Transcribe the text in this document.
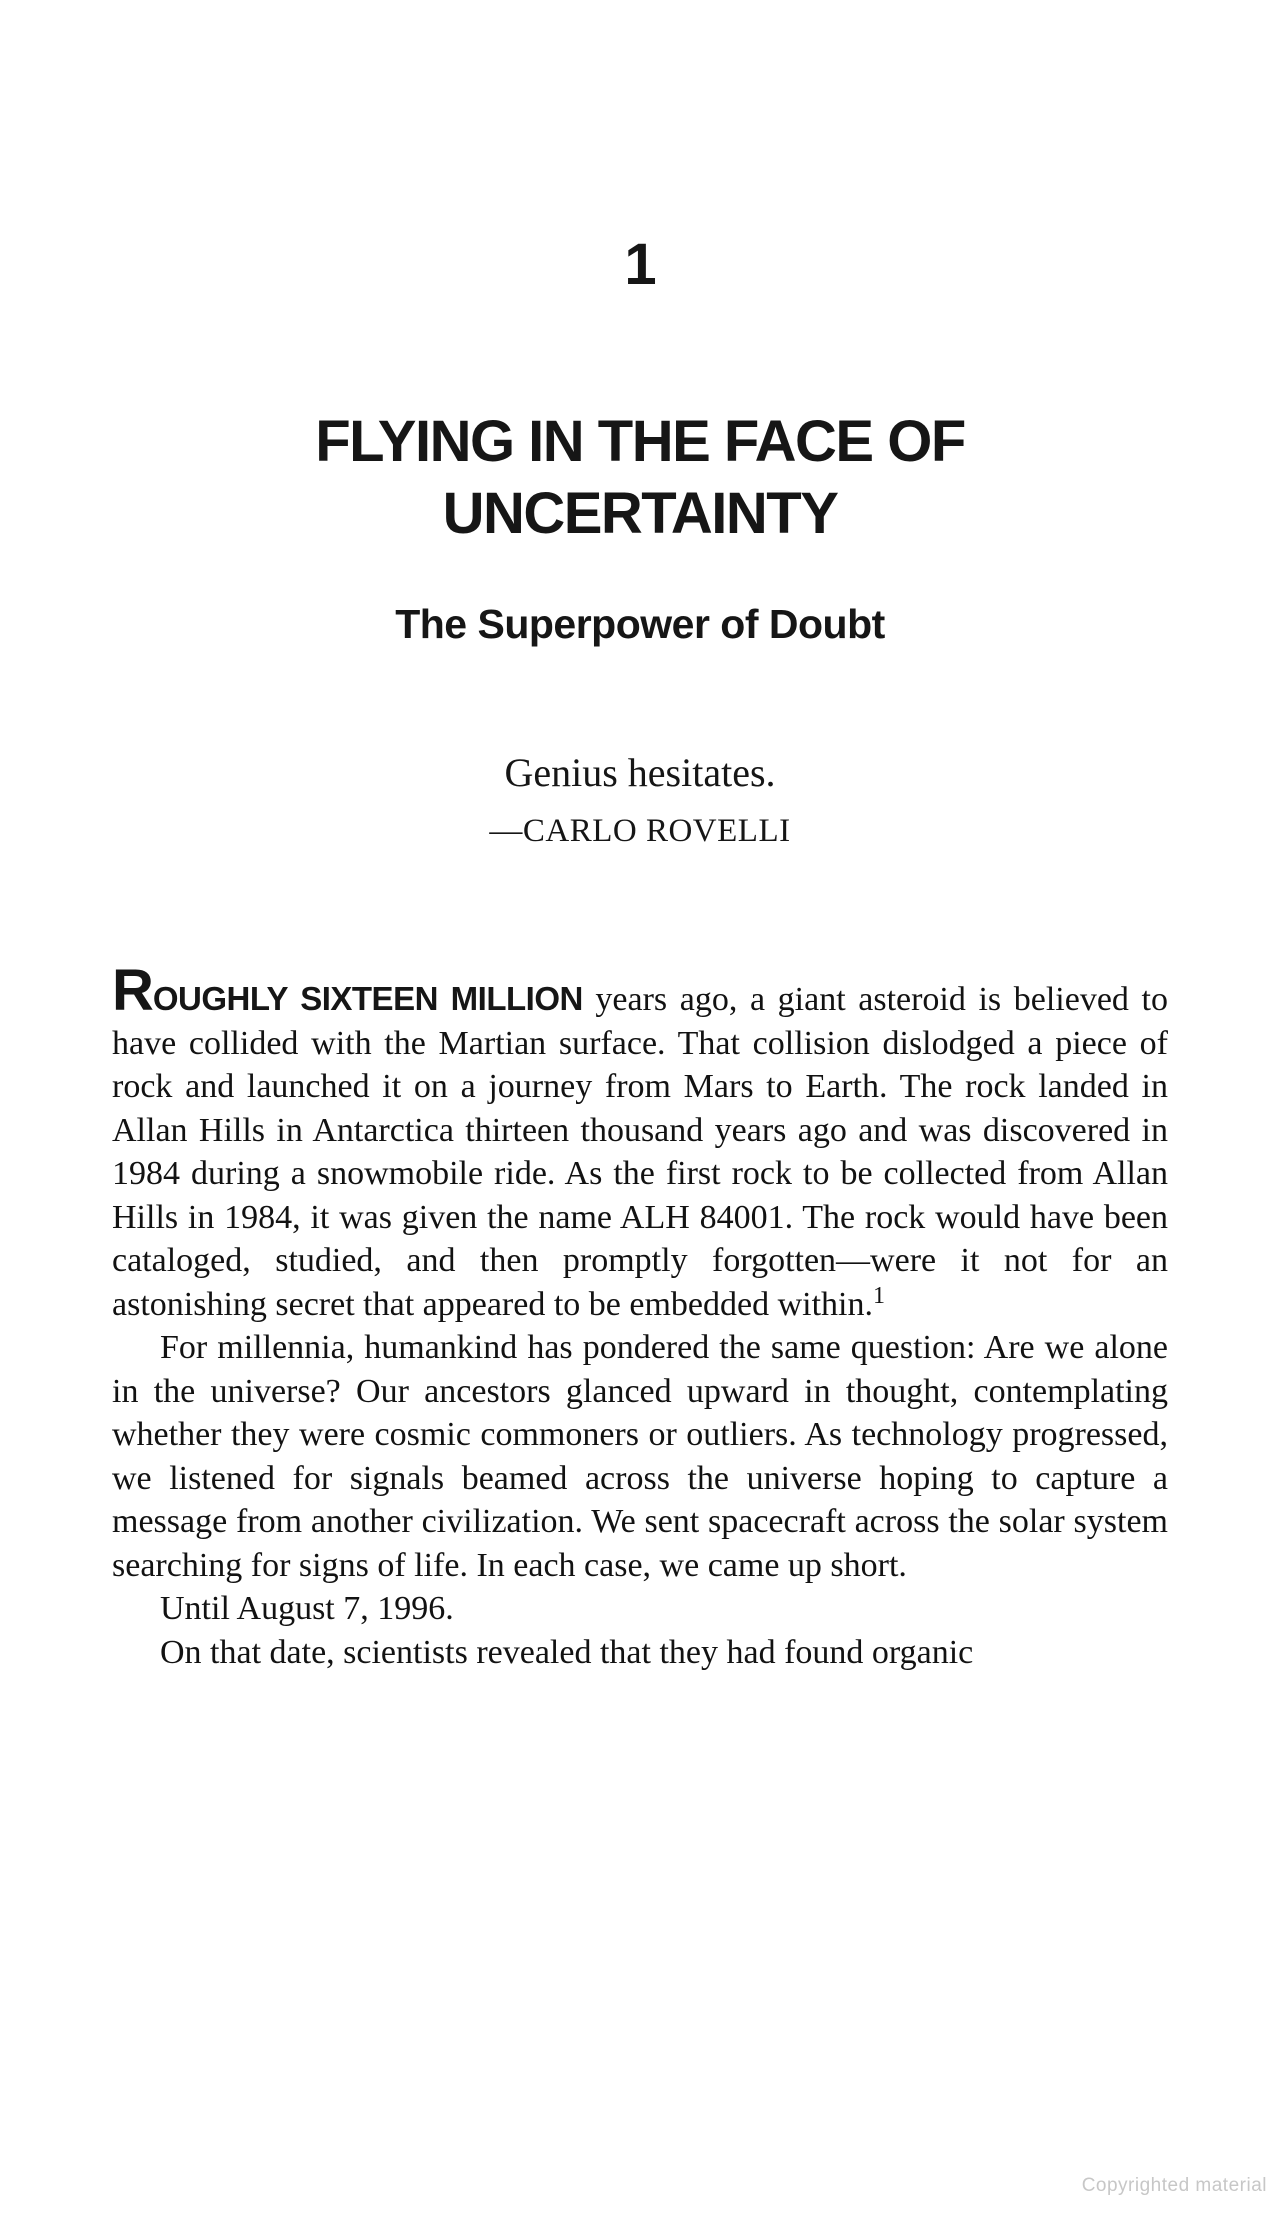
1
FLYING IN THE FACE OF
UNCERTAINTY
The Superpower of Doubt
Genius hesitates.
—CARLO ROVELLI

ROUGHLY SIXTEEN MILLION years ago, a giant asteroid is believed to have collided with the Martian surface. That collision dislodged a piece of rock and launched it on a journey from Mars to Earth. The rock landed in Allan Hills in Antarctica thirteen thousand years ago and was discovered in 1984 during a snowmobile ride. As the first rock to be collected from Allan Hills in 1984, it was given the name ALH 84001. The rock would have been cataloged, studied, and then promptly forgotten—were it not for an astonishing secret that appeared to be embedded within.$^1$

For millennia, humankind has pondered the same question: Are we alone in the universe? Our ancestors glanced upward in thought, contemplating whether they were cosmic commoners or outliers. As technology progressed, we listened for signals beamed across the universe hoping to capture a message from another civilization. We sent spacecraft across the solar system searching for signs of life. In each case, we came up short.

Until August 7, 1996.

On that date, scientists revealed that they had found organic

Copyrighted material
